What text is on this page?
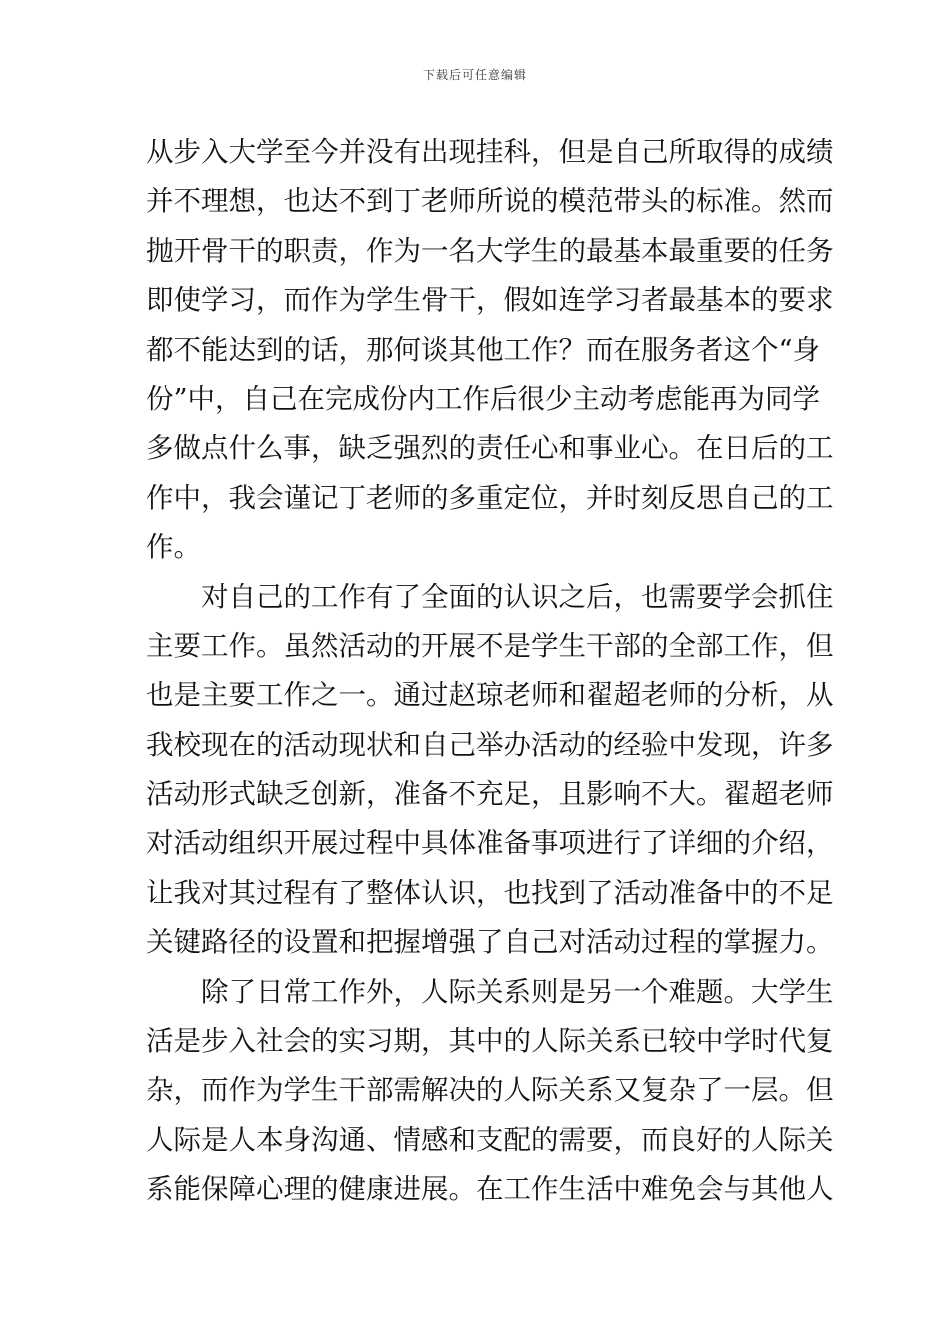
下载后可任意编辑
从步入大学至今并没有出现挂科，但是自己所取得的成绩
并不理想，也达不到丁老师所说的模范带头的标准。然而
抛开骨干的职责，作为一名大学生的最基本最重要的任务
即使学习，而作为学生骨干，假如连学习者最基本的要求
都不能达到的话，那何谈其他工作？而在服务者这个“身
份”中，自己在完成份内工作后很少主动考虑能再为同学
多做点什么事，缺乏强烈的责任心和事业心。在日后的工
作中，我会谨记丁老师的多重定位，并时刻反思自己的工
作。
对自己的工作有了全面的认识之后，也需要学会抓住
主要工作。虽然活动的开展不是学生干部的全部工作，但
也是主要工作之一。通过赵琼老师和翟超老师的分析，从
我校现在的活动现状和自己举办活动的经验中发现，许多
活动形式缺乏创新，准备不充足，且影响不大。翟超老师
对活动组织开展过程中具体准备事项进行了详细的介绍，
让我对其过程有了整体认识，也找到了活动准备中的不足
关键路径的设置和把握增强了自己对活动过程的掌握力。
除了日常工作外，人际关系则是另一个难题。大学生
活是步入社会的实习期，其中的人际关系已较中学时代复
杂，而作为学生干部需解决的人际关系又复杂了一层。但
人际是人本身沟通、情感和支配的需要，而良好的人际关
系能保障心理的健康进展。在工作生活中难免会与其他人
